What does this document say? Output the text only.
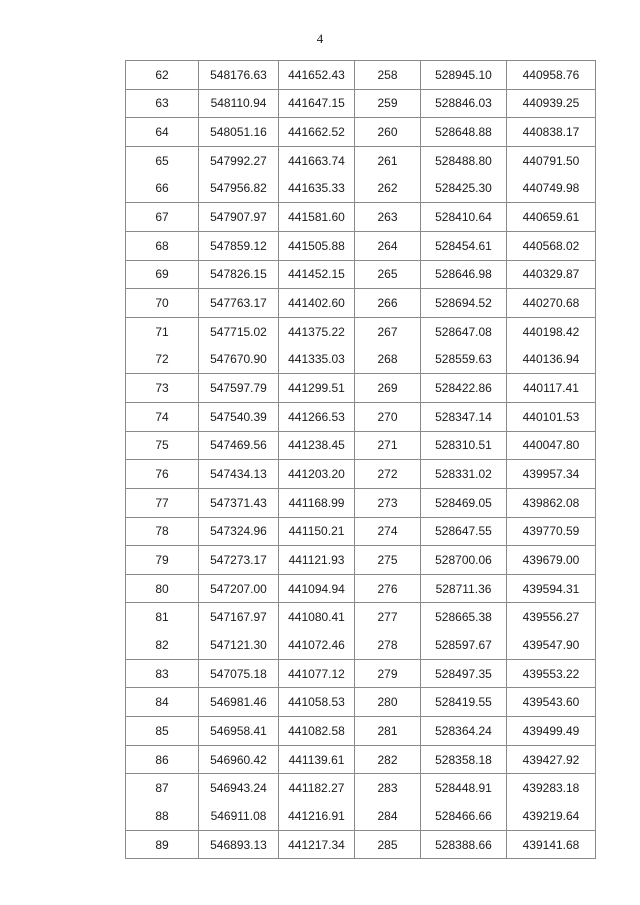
4
62	548176.63	441652.43	258	528945.10	440958.76
63	548110.94	441647.15	259	528846.03	440939.25
64	548051.16	441662.52	260	528648.88	440838.17
65	547992.27	441663.74	261	528488.80	440791.50
66	547956.82	441635.33	262	528425.30	440749.98
67	547907.97	441581.60	263	528410.64	440659.61
68	547859.12	441505.88	264	528454.61	440568.02
69	547826.15	441452.15	265	528646.98	440329.87
70	547763.17	441402.60	266	528694.52	440270.68
71	547715.02	441375.22	267	528647.08	440198.42
72	547670.90	441335.03	268	528559.63	440136.94
73	547597.79	441299.51	269	528422.86	440117.41
74	547540.39	441266.53	270	528347.14	440101.53
75	547469.56	441238.45	271	528310.51	440047.80
76	547434.13	441203.20	272	528331.02	439957.34
77	547371.43	441168.99	273	528469.05	439862.08
78	547324.96	441150.21	274	528647.55	439770.59
79	547273.17	441121.93	275	528700.06	439679.00
80	547207.00	441094.94	276	528711.36	439594.31
81	547167.97	441080.41	277	528665.38	439556.27
82	547121.30	441072.46	278	528597.67	439547.90
83	547075.18	441077.12	279	528497.35	439553.22
84	546981.46	441058.53	280	528419.55	439543.60
85	546958.41	441082.58	281	528364.24	439499.49
86	546960.42	441139.61	282	528358.18	439427.92
87	546943.24	441182.27	283	528448.91	439283.18
88	546911.08	441216.91	284	528466.66	439219.64
89	546893.13	441217.34	285	528388.66	439141.68
